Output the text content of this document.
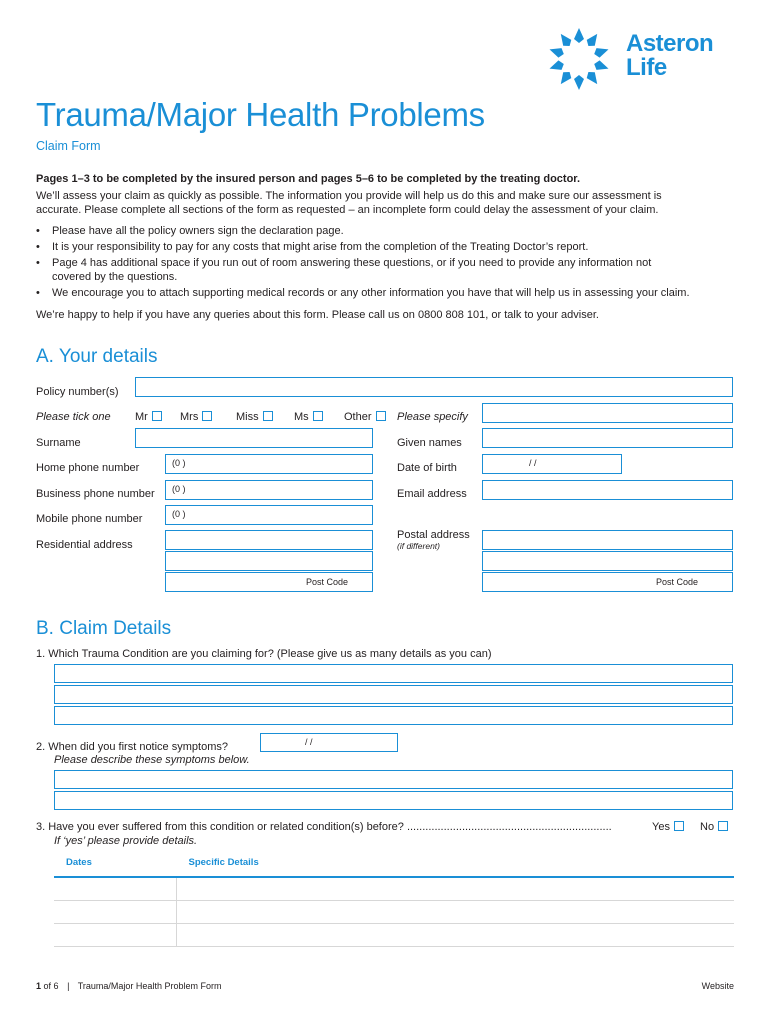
Asteron
Life
Trauma/Major Health Problems
Claim Form
Pages 1–3 to be completed by the insured person and pages 5–6 to be completed by the treating doctor.
We’ll assess your claim as quickly as possible. The information you provide will help us do this and make sure our assessment is accurate. Please complete all sections of the form as requested – an incomplete form could delay the assessment of your claim.
• Please have all the policy owners sign the declaration page.
• It is your responsibility to pay for any costs that might arise from the completion of the Treating Doctor’s report.
• Page 4 has additional space if you run out of room answering these questions, or if you need to provide any information not covered by the questions.
• We encourage you to attach supporting medical records or any other information you have that will help us in assessing your claim.
We’re happy to help if you have any queries about this form. Please call us on 0800 808 101, or talk to your adviser.
A. Your details
Policy number(s)
Please tick one Mr	Mrs	Miss	Ms	Other	Please specify
Surname	Given names
Home phone number	(0 )	Date of birth	/ /
Business phone number (0 )	Email address
Mobile phone number	(0 )
Postal address
(if different)
Residential address
Post Code	Post Code
B. Claim Details
1. Which Trauma Condition are you claiming for? (Please give us as many details as you can)
2. When did you first notice symptoms?	/ /
Please describe these symptoms below.
3. Have you ever suffered from this condition or related condition(s) before? ...................................................................	Yes	No
If ‘yes’ please provide details.
Dates	Specific Details

1 of 6 | Trauma/Major Health Problem Form	Website
